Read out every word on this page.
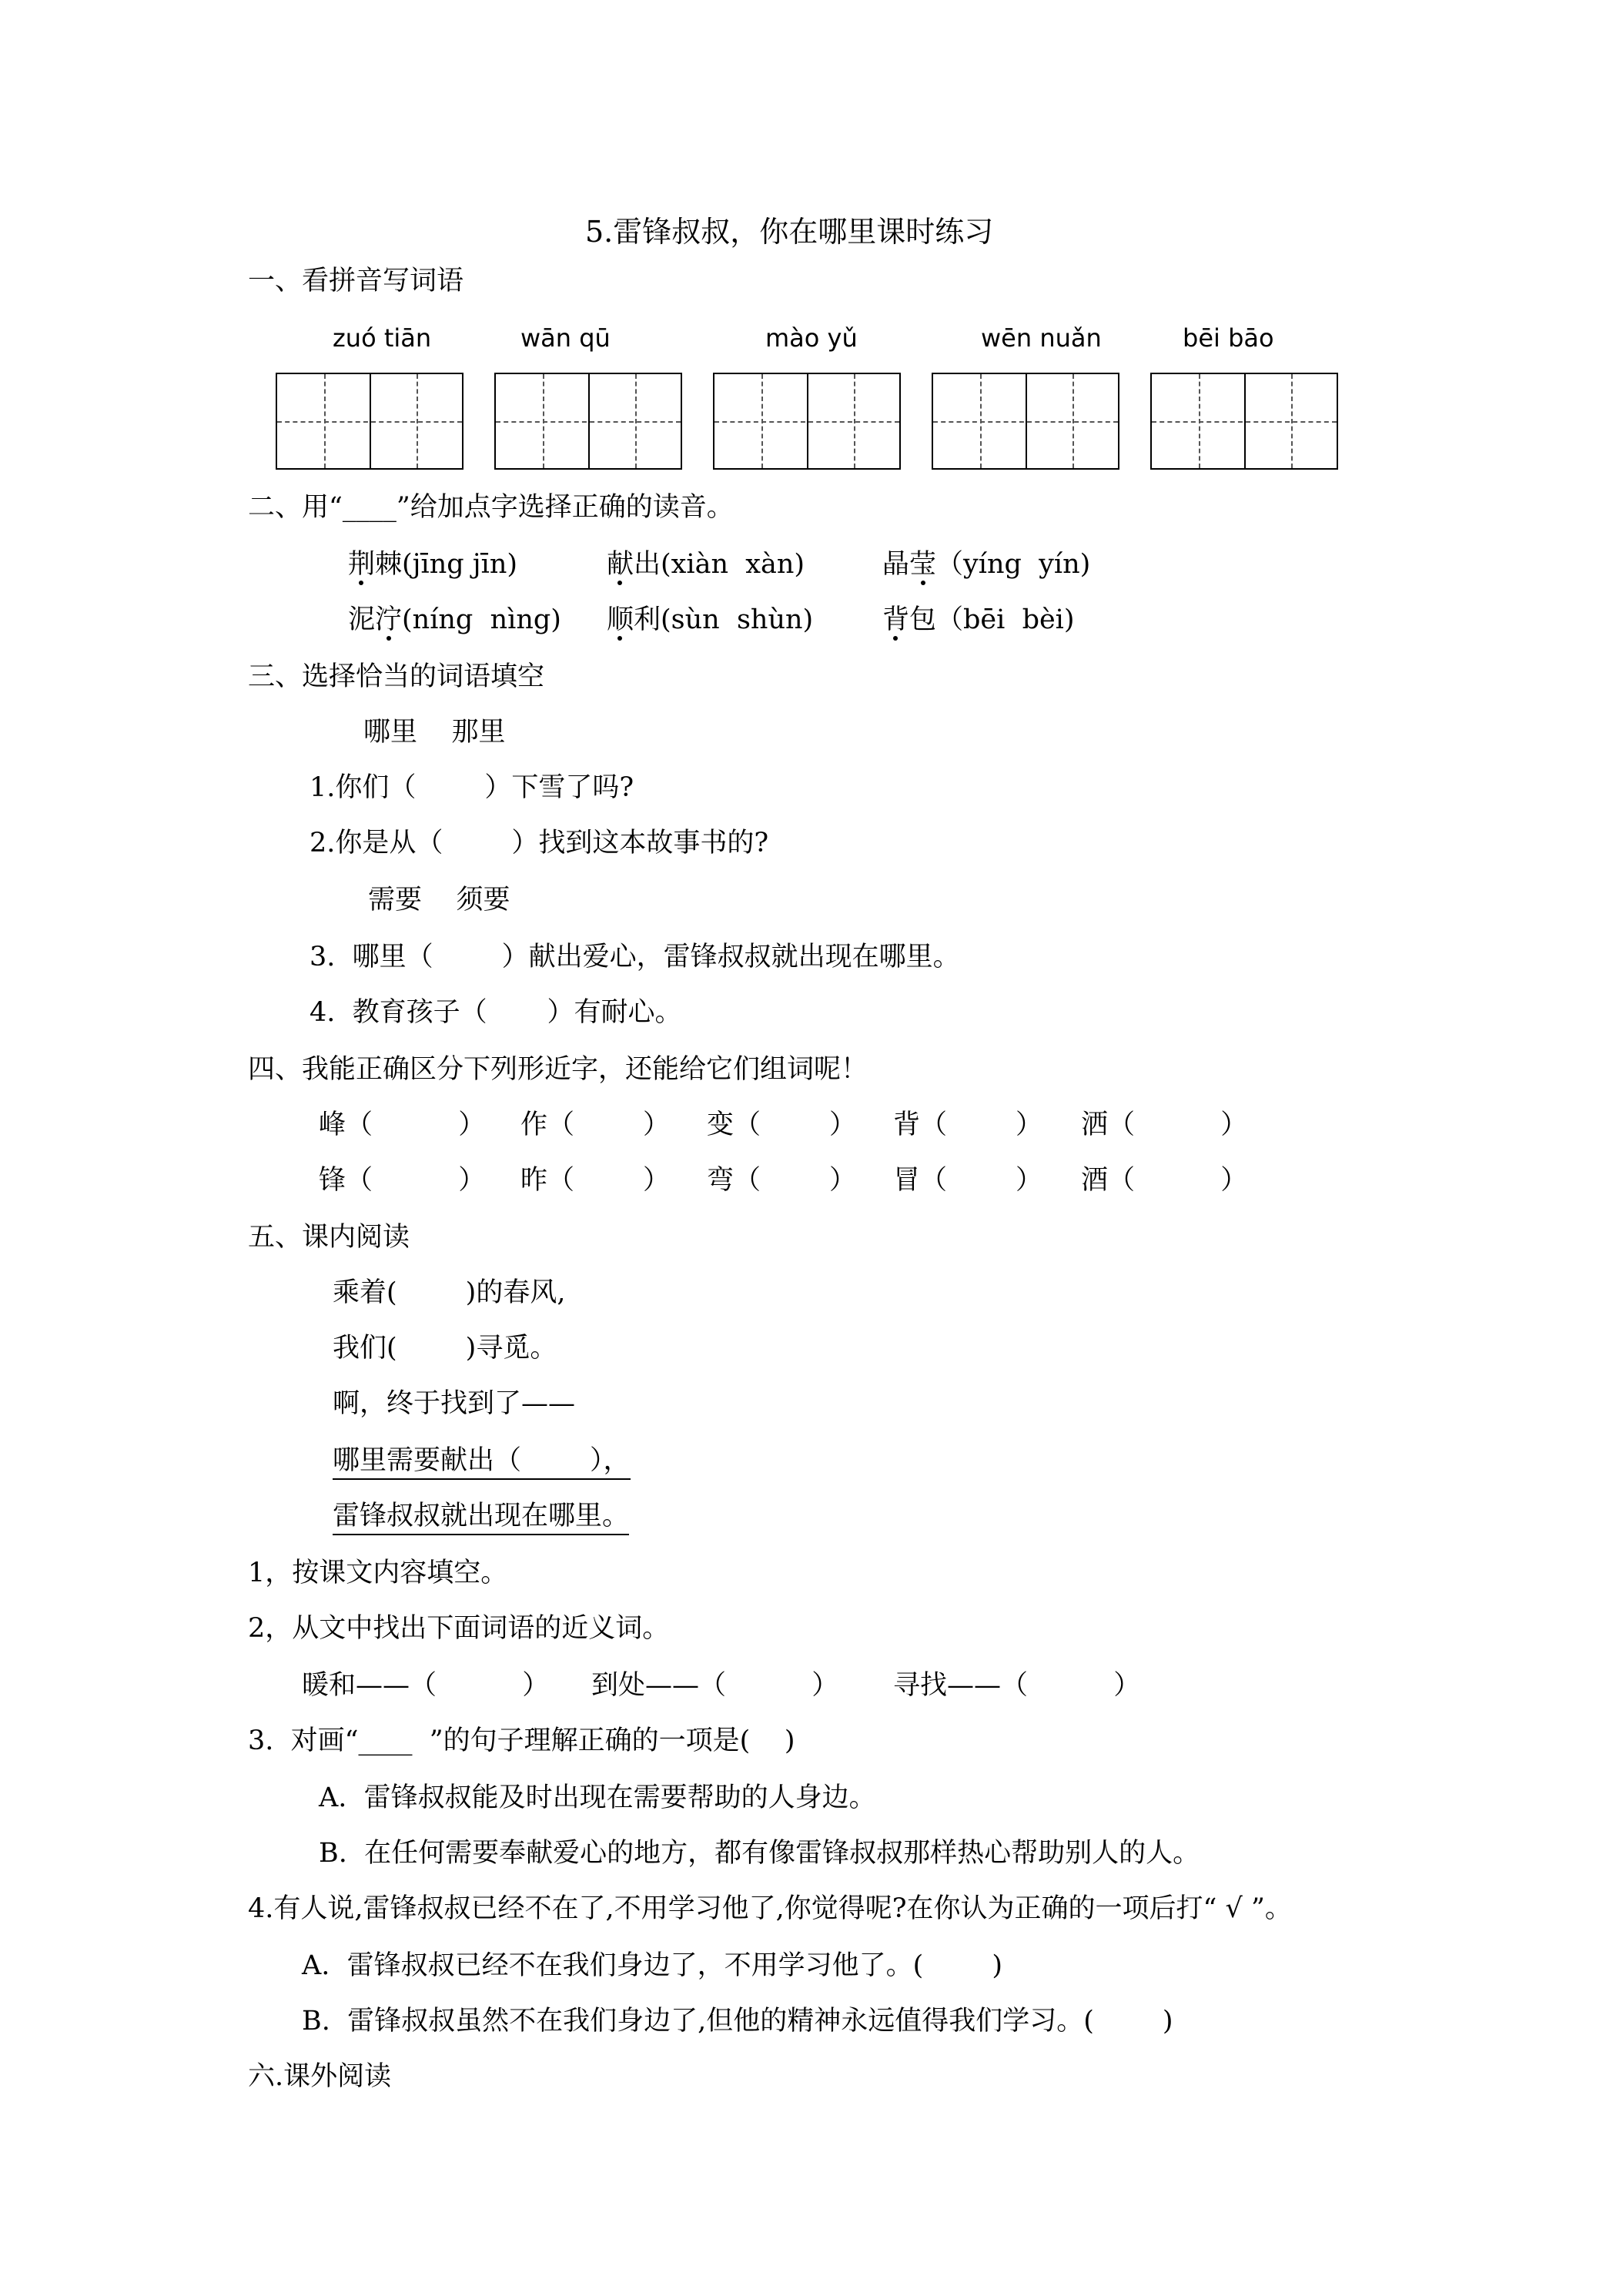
5.雷锋叔叔，你在哪里课时练习
一、看拼音写词语
zuó tiān	wān qū	mào yǔ	wēn nuǎn	bēi bāo
二、用“____”给加点字选择正确的读音。
荆棘(jīng jīn)	献出(xiàn  xàn)	晶莹（yíng  yín)
泥泞(níng  nìng) 顺利(sùn  shùn)	背包（bēi  bèi)
三、选择恰当的词语填空
哪里    那里
1.你们（        ）下雪了吗?
2.你是从（        ）找到这本故事书的?
需要    须要
3.  哪里（        ）献出爱心，雷锋叔叔就出现在哪里。
4.  教育孩子（       ）有耐心。
四、我能正确区分下列形近字，还能给它们组词呢！
峰（          ） 作（        ） 变（        ） 背（        ） 洒（          ）
锋（          ） 昨（        ） 弯（        ） 冒（        ） 酒（          ）
五、课内阅读
乘着(        )的春风,
我们(        )寻觅。
啊，终于找到了——
哪里需要献出（        ），
雷锋叔叔就出现在哪里。
1，按课文内容填空。
2，从文中找出下面词语的近义词。
暖和——（          ） 到处——（          ） 寻找——（          ）
3.  对画“____  ”的句子理解正确的一项是(    )
A.  雷锋叔叔能及时出现在需要帮助的人身边。
B.  在任何需要奉献爱心的地方，都有像雷锋叔叔那样热心帮助别人的人。
4.有人说,雷锋叔叔已经不在了,不用学习他了,你觉得呢?在你认为正确的一项后打“ √ ”。
A.  雷锋叔叔已经不在我们身边了，不用学习他了。(        )
B.  雷锋叔叔虽然不在我们身边了,但他的精神永远值得我们学习。(        )
六.课外阅读
